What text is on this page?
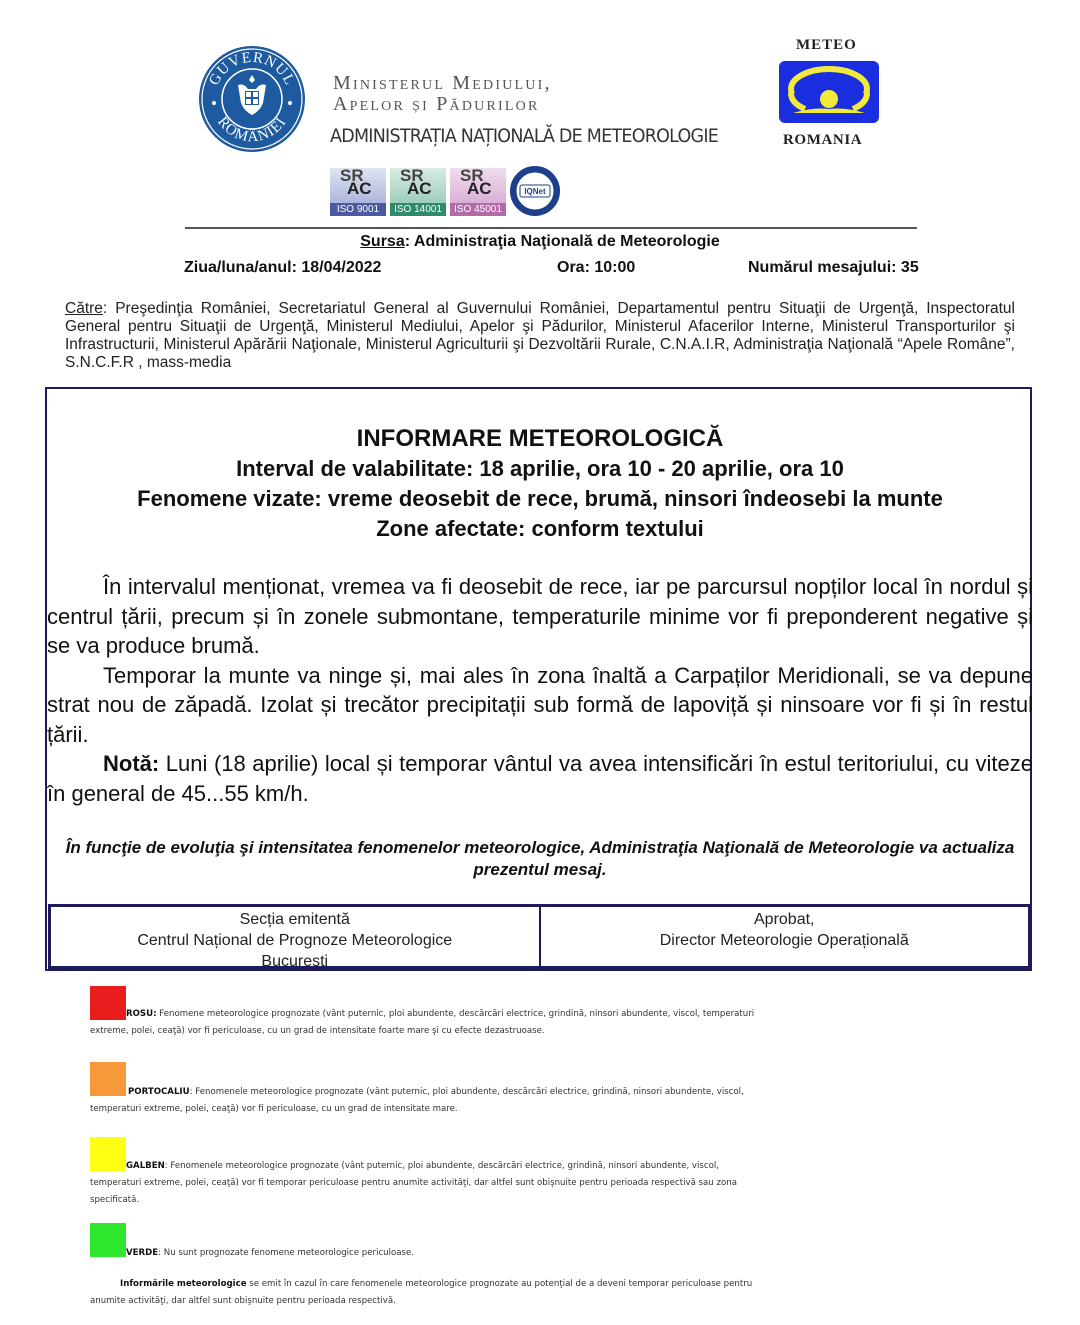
GUVERNUL
ROMÂNIEI
Ministerul Mediului,
Apelor și Pădurilor
ADMINISTRAȚIA NAȚIONALĂ DE METEOROLOGIE
SR
AC
ISO 9001
SR
AC
ISO 14001
SR
AC
ISO 45001
IQNet
METEO
ROMANIA
Sursa: Administraţia Naţională de Meteorologie
Ziua/luna/anul: 18/04/2022	Ora: 10:00	Numărul mesajului: 35
Către: Preşedinţia României, Secretariatul General al Guvernului României, Departamentul pentru Situaţii de Urgenţă, Inspectoratul General pentru Situaţii de Urgenţă, Ministerul Mediului, Apelor şi Pădurilor, Ministerul Afacerilor Interne, Ministerul Transporturilor şi Infrastructurii, Ministerul Apărării Naţionale, Ministerul Agriculturii şi Dezvoltării Rurale, C.N.A.I.R, Administraţia Naţională “Apele Române”, S.N.C.F.R , mass-media
INFORMARE METEOROLOGICĂ
Interval de valabilitate: 18 aprilie, ora 10 - 20 aprilie, ora 10
Fenomene vizate: vreme deosebit de rece, brumă, ninsori îndeosebi la munte
Zone afectate: conform textului

În intervalul menționat, vremea va fi deosebit de rece, iar pe parcursul nopților local în nordul și centrul țării, precum și în zonele submontane, temperaturile minime vor fi preponderent negative și se va produce brumă.

Temporar la munte va ninge și, mai ales în zona înaltă a Carpaților Meridionali, se va depune strat nou de zăpadă. Izolat și trecător precipitații sub formă de lapoviță și ninsoare vor fi și în restul țării.

Notă: Luni (18 aprilie) local și temporar vântul va avea intensificări în estul teritoriului, cu viteze în general de 45...55 km/h.

În funcţie de evoluţia şi intensitatea fenomenelor meteorologice, Administraţia Naţională de Meteorologie va actualiza prezentul mesaj.
Secția emitentă
Centrul Național de Prognoze Meteorologice
București
Aprobat,
Director Meteorologie Operațională
ROSU: Fenomene meteorologice prognozate (vânt puternic, ploi abundente, descărcări electrice, grindină, ninsori abundente, viscol, temperaturi extreme, polei, ceaţă) vor fi periculoase, cu un grad de intensitate foarte mare şi cu efecte dezastruoase.
PORTOCALIU: Fenomenele meteorologice prognozate (vânt puternic, ploi abundente, descărcări electrice, grindină, ninsori abundente, viscol, temperaturi extreme, polei, ceaţă) vor fi periculoase, cu un grad de intensitate mare.
GALBEN: Fenomenele meteorologice prognozate (vânt puternic, ploi abundente, descărcări electrice, grindină, ninsori abundente, viscol, temperaturi extreme, polei, ceaţă) vor fi temporar periculoase pentru anumite activităţi, dar altfel sunt obişnuite pentru perioada respectivă sau zona specificată.
VERDE: Nu sunt prognozate fenomene meteorologice periculoase.
Informările meteorologice se emit în cazul în care fenomenele meteorologice prognozate au potenţial de a deveni temporar periculoase pentru anumite activităţi, dar altfel sunt obişnuite pentru perioada respectivă.
